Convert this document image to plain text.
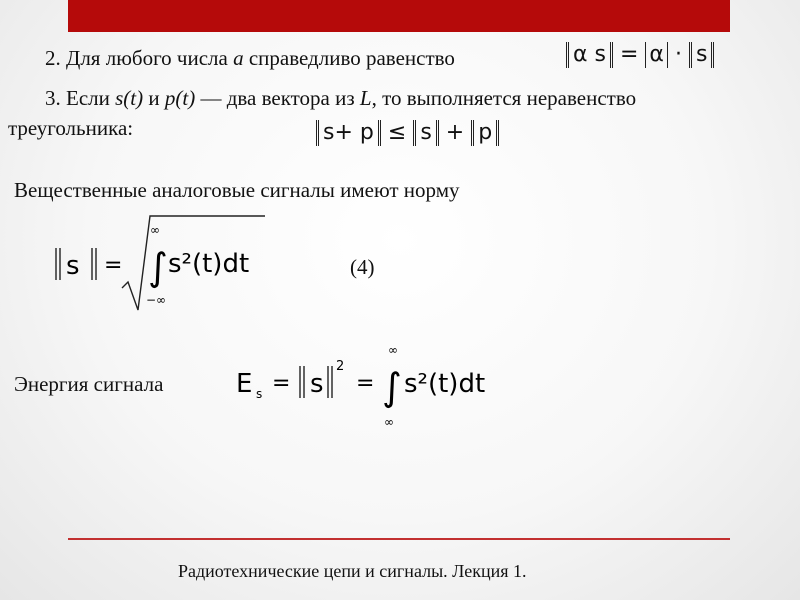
2. Для любого числа a справедливо равенство	α s = α · s
3. Если s(t) и p(t) — два вектора из L, то выполняется неравенство
треугольника:	s+ p ≤ s + p
Вещественные аналоговые сигналы имеют норму
s = ∫
∞
−∞
s²(t)dt	(4)
Энергия сигнала	E s = s
2
= ∫
∞
∞
s²(t)dt
Радиотехнические цепи и сигналы. Лекция 1.
